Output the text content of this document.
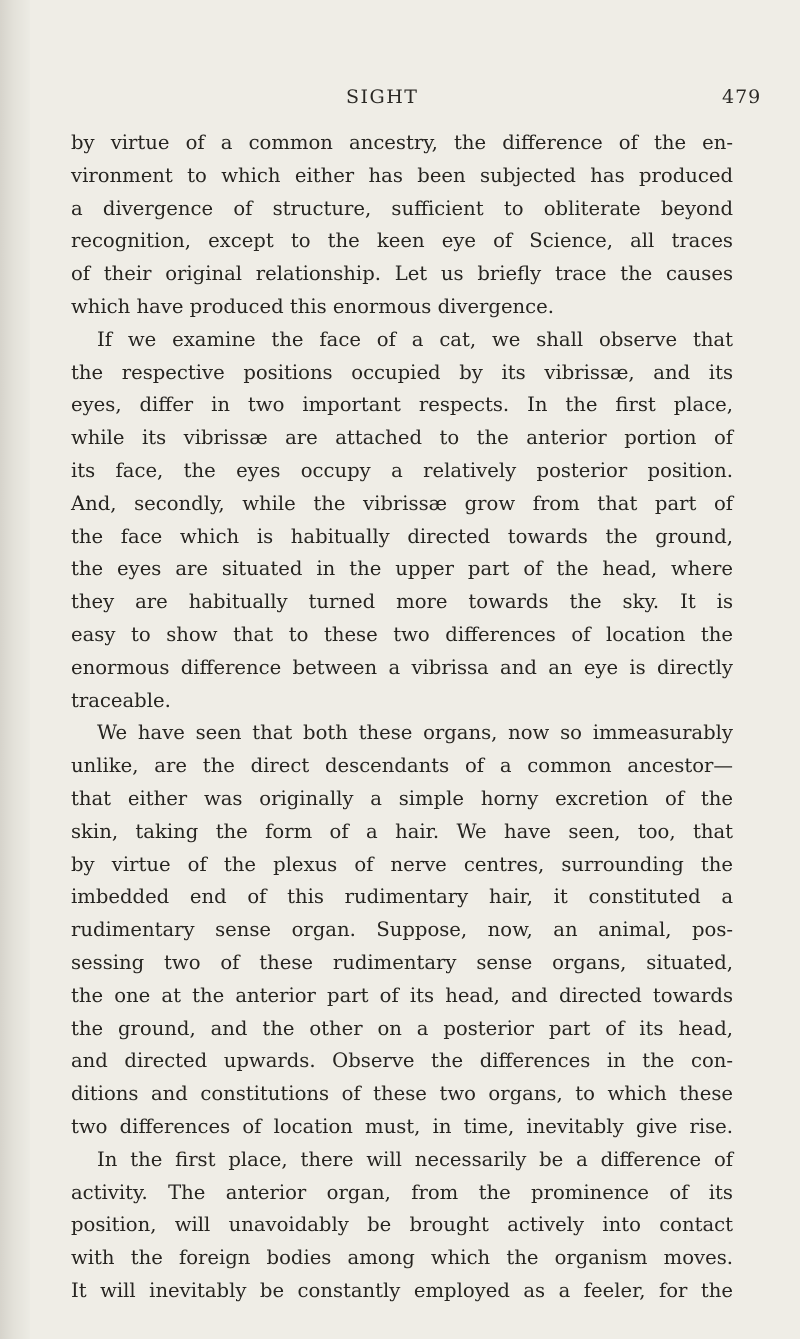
SIGHT	479
by virtue of a common ancestry, the difference of the en-
vironment to which either has been subjected has produced
a divergence of structure, sufficient to obliterate beyond
recognition, except to the keen eye of Science, all traces
of their original relationship. Let us briefly trace the causes
which have produced this enormous divergence.
If we examine the face of a cat, we shall observe that
the respective positions occupied by its vibrissæ, and its
eyes, differ in two important respects. In the first place,
while its vibrissæ are attached to the anterior portion of
its face, the eyes occupy a relatively posterior position.
And, secondly, while the vibrissæ grow from that part of
the face which is habitually directed towards the ground,
the eyes are situated in the upper part of the head, where
they are habitually turned more towards the sky. It is
easy to show that to these two differences of location the
enormous difference between a vibrissa and an eye is directly
traceable.
We have seen that both these organs, now so immeasurably
unlike, are the direct descendants of a common ancestor—
that either was originally a simple horny excretion of the
skin, taking the form of a hair. We have seen, too, that
by virtue of the plexus of nerve centres, surrounding the
imbedded end of this rudimentary hair, it constituted a
rudimentary sense organ. Suppose, now, an animal, pos-
sessing two of these rudimentary sense organs, situated,
the one at the anterior part of its head, and directed towards
the ground, and the other on a posterior part of its head,
and directed upwards. Observe the differences in the con-
ditions and constitutions of these two organs, to which these
two differences of location must, in time, inevitably give rise.
In the first place, there will necessarily be a difference of
activity. The anterior organ, from the prominence of its
position, will unavoidably be brought actively into contact
with the foreign bodies among which the organism moves.
It will inevitably be constantly employed as a feeler, for the
